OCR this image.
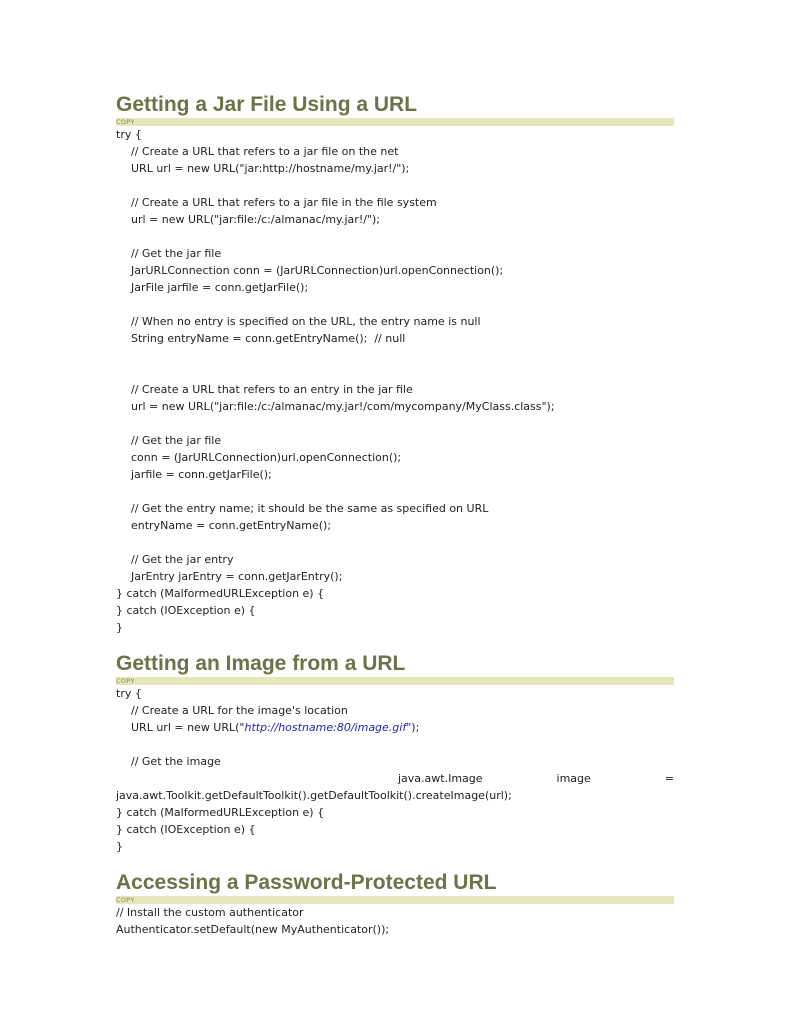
Getting a Jar File Using a URL
COPY
try {
// Create a URL that refers to a jar file on the net
URL url = new URL("jar:http://hostname/my.jar!/");
// Create a URL that refers to a jar file in the file system
url = new URL("jar:file:/c:/almanac/my.jar!/");
// Get the jar file
JarURLConnection conn = (JarURLConnection)url.openConnection();
JarFile jarfile = conn.getJarFile();
// When no entry is specified on the URL, the entry name is null
String entryName = conn.getEntryName();  // null
// Create a URL that refers to an entry in the jar file
url = new URL("jar:file:/c:/almanac/my.jar!/com/mycompany/MyClass.class");
// Get the jar file
conn = (JarURLConnection)url.openConnection();
jarfile = conn.getJarFile();
// Get the entry name; it should be the same as specified on URL
entryName = conn.getEntryName();
// Get the jar entry
JarEntry jarEntry = conn.getJarEntry();
} catch (MalformedURLException e) {
} catch (IOException e) {
}
Getting an Image from a URL
COPY
try {
// Create a URL for the image's location
URL url = new URL("http://hostname:80/image.gif");
// Get the image
java.awt.Image	image	=
java.awt.Toolkit.getDefaultToolkit().getDefaultToolkit().createImage(url);
} catch (MalformedURLException e) {
} catch (IOException e) {
}
Accessing a Password-Protected URL
COPY
// Install the custom authenticator
Authenticator.setDefault(new MyAuthenticator());
